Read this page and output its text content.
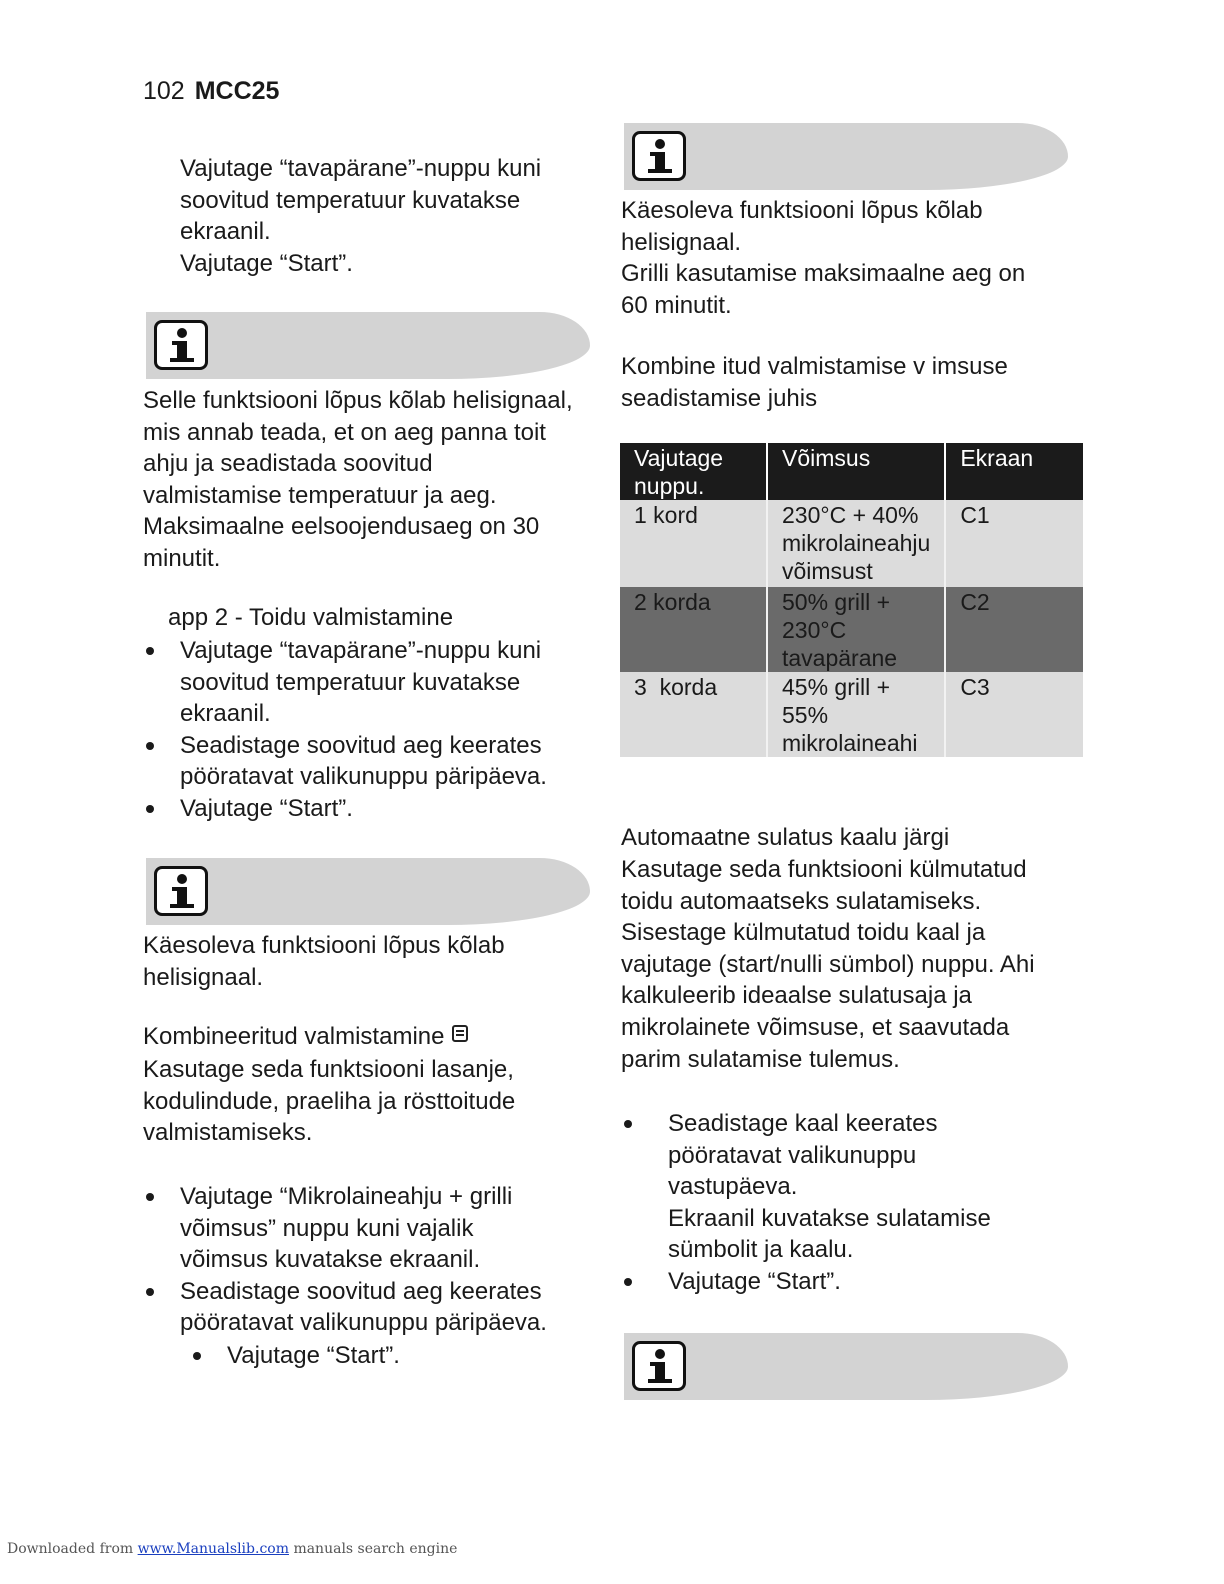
102 MCC25

Vajutage “tavapärane”-nuppu kuni
soovitud temperatuur kuvatakse
ekraanil.
Vajutage “Start”.

Selle funktsiooni lõpus kõlab helisignaal,
mis annab teada, et on aeg panna toit
ahju ja seadistada soovitud
valmistamise temperatuur ja aeg.
Maksimaalne eelsoojendusaeg on 30
minutit.

app 2 - Toidu valmistamine

Vajutage “tavapärane”-nuppu kuni
soovitud temperatuur kuvatakse
ekraanil.
Seadistage soovitud aeg keerates
pööratavat valikunuppu päripäeva.
Vajutage “Start”.

Käesoleva funktsiooni lõpus kõlab
helisignaal.

Kombineeritud valmistamine

Kasutage seda funktsiooni lasanje,
kodulindude, praeliha ja rösttoitude
valmistamiseks.

Vajutage “Mikrolaineahju + grilli
võimsus” nuppu kuni vajalik
võimsus kuvatakse ekraanil.
Seadistage soovitud aeg keerates
pööratavat valikunuppu päripäeva.
Vajutage “Start”.

Käesoleva funktsiooni lõpus kõlab
helisignaal.
Grilli kasutamise maksimaalne aeg on
60 minutit.

Kombine itud valmistamise v imsuse
seadistamise juhis

Vajutage
nuppu.	Võimsus	Ekraan
1 kord	230°C + 40%
mikrolaineahju
võimsust	C1
2 korda	50% grill +
230°C
tavapärane	C2
3  korda	45% grill +
55%
mikrolaineahi	C3

Automaatne sulatus kaalu järgi

Kasutage seda funktsiooni külmutatud
toidu automaatseks sulatamiseks.
Sisestage külmutatud toidu kaal ja
vajutage (start/nulli sümbol) nuppu. Ahi
kalkuleerib ideaalse sulatusaja ja
mikrolainete võimsuse, et saavutada
parim sulatamise tulemus.

Seadistage kaal keerates
pööratavat valikunuppu
vastupäeva.
Ekraanil kuvatakse sulatamise
sümbolit ja kaalu.
Vajutage “Start”.
Downloaded from www.Manualslib.com manuals search engine
